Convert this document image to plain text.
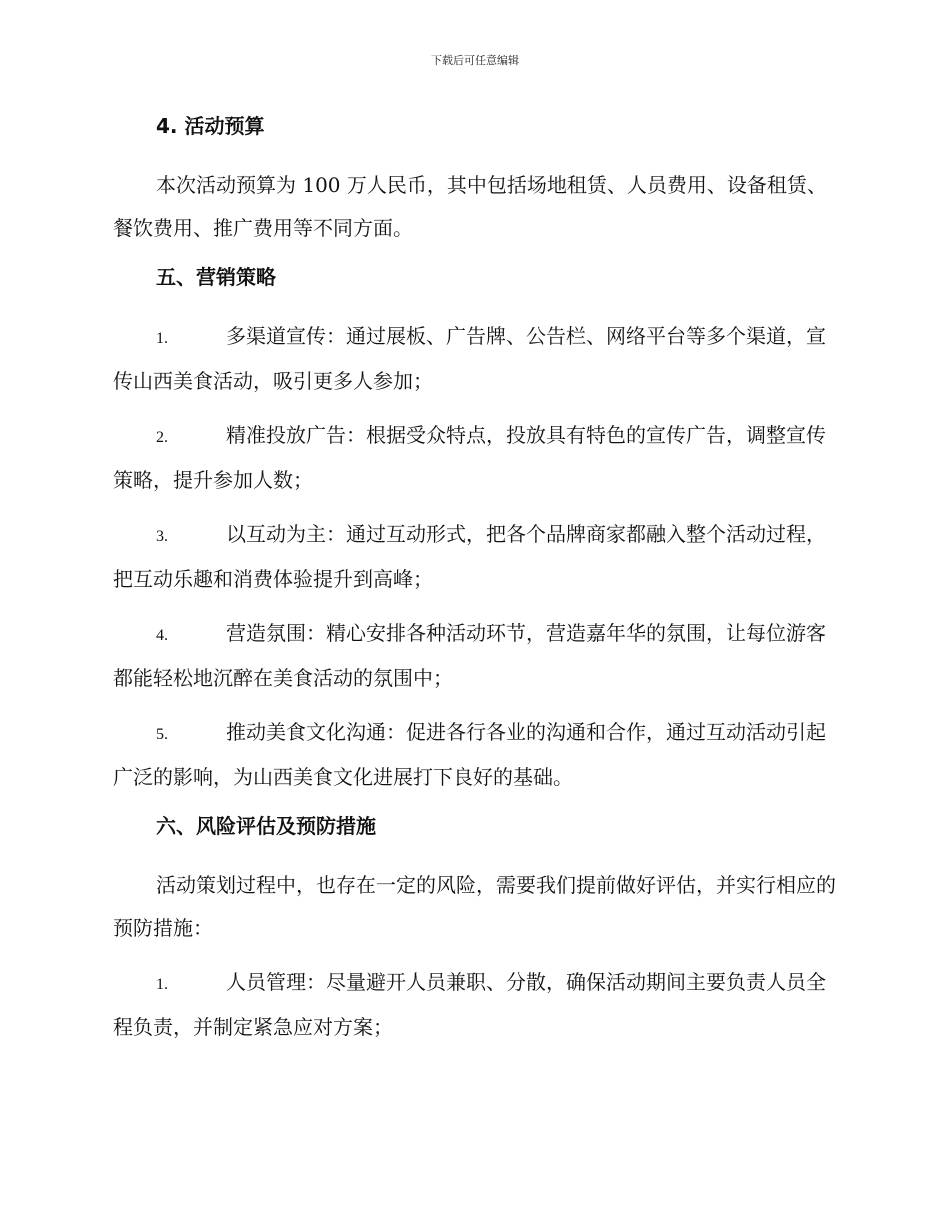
下载后可任意编辑
4. 活动预算
本次活动预算为 100 万人民币，其中包括场地租赁、人员费用、设备租赁、餐饮费用、推广费用等不同方面。
五、营销策略
1.	多渠道宣传：通过展板、广告牌、公告栏、网络平台等多个渠道，宣传山西美食活动，吸引更多人参加；
2.	精准投放广告：根据受众特点，投放具有特色的宣传广告，调整宣传策略，提升参加人数；
3.	以互动为主：通过互动形式，把各个品牌商家都融入整个活动过程，把互动乐趣和消费体验提升到高峰；
4.	营造氛围：精心安排各种活动环节，营造嘉年华的氛围，让每位游客都能轻松地沉醉在美食活动的氛围中；
5.	推动美食文化沟通：促进各行各业的沟通和合作，通过互动活动引起广泛的影响，为山西美食文化进展打下良好的基础。
六、风险评估及预防措施
活动策划过程中，也存在一定的风险，需要我们提前做好评估，并实行相应的预防措施：
1.	人员管理：尽量避开人员兼职、分散，确保活动期间主要负责人员全程负责，并制定紧急应对方案；
